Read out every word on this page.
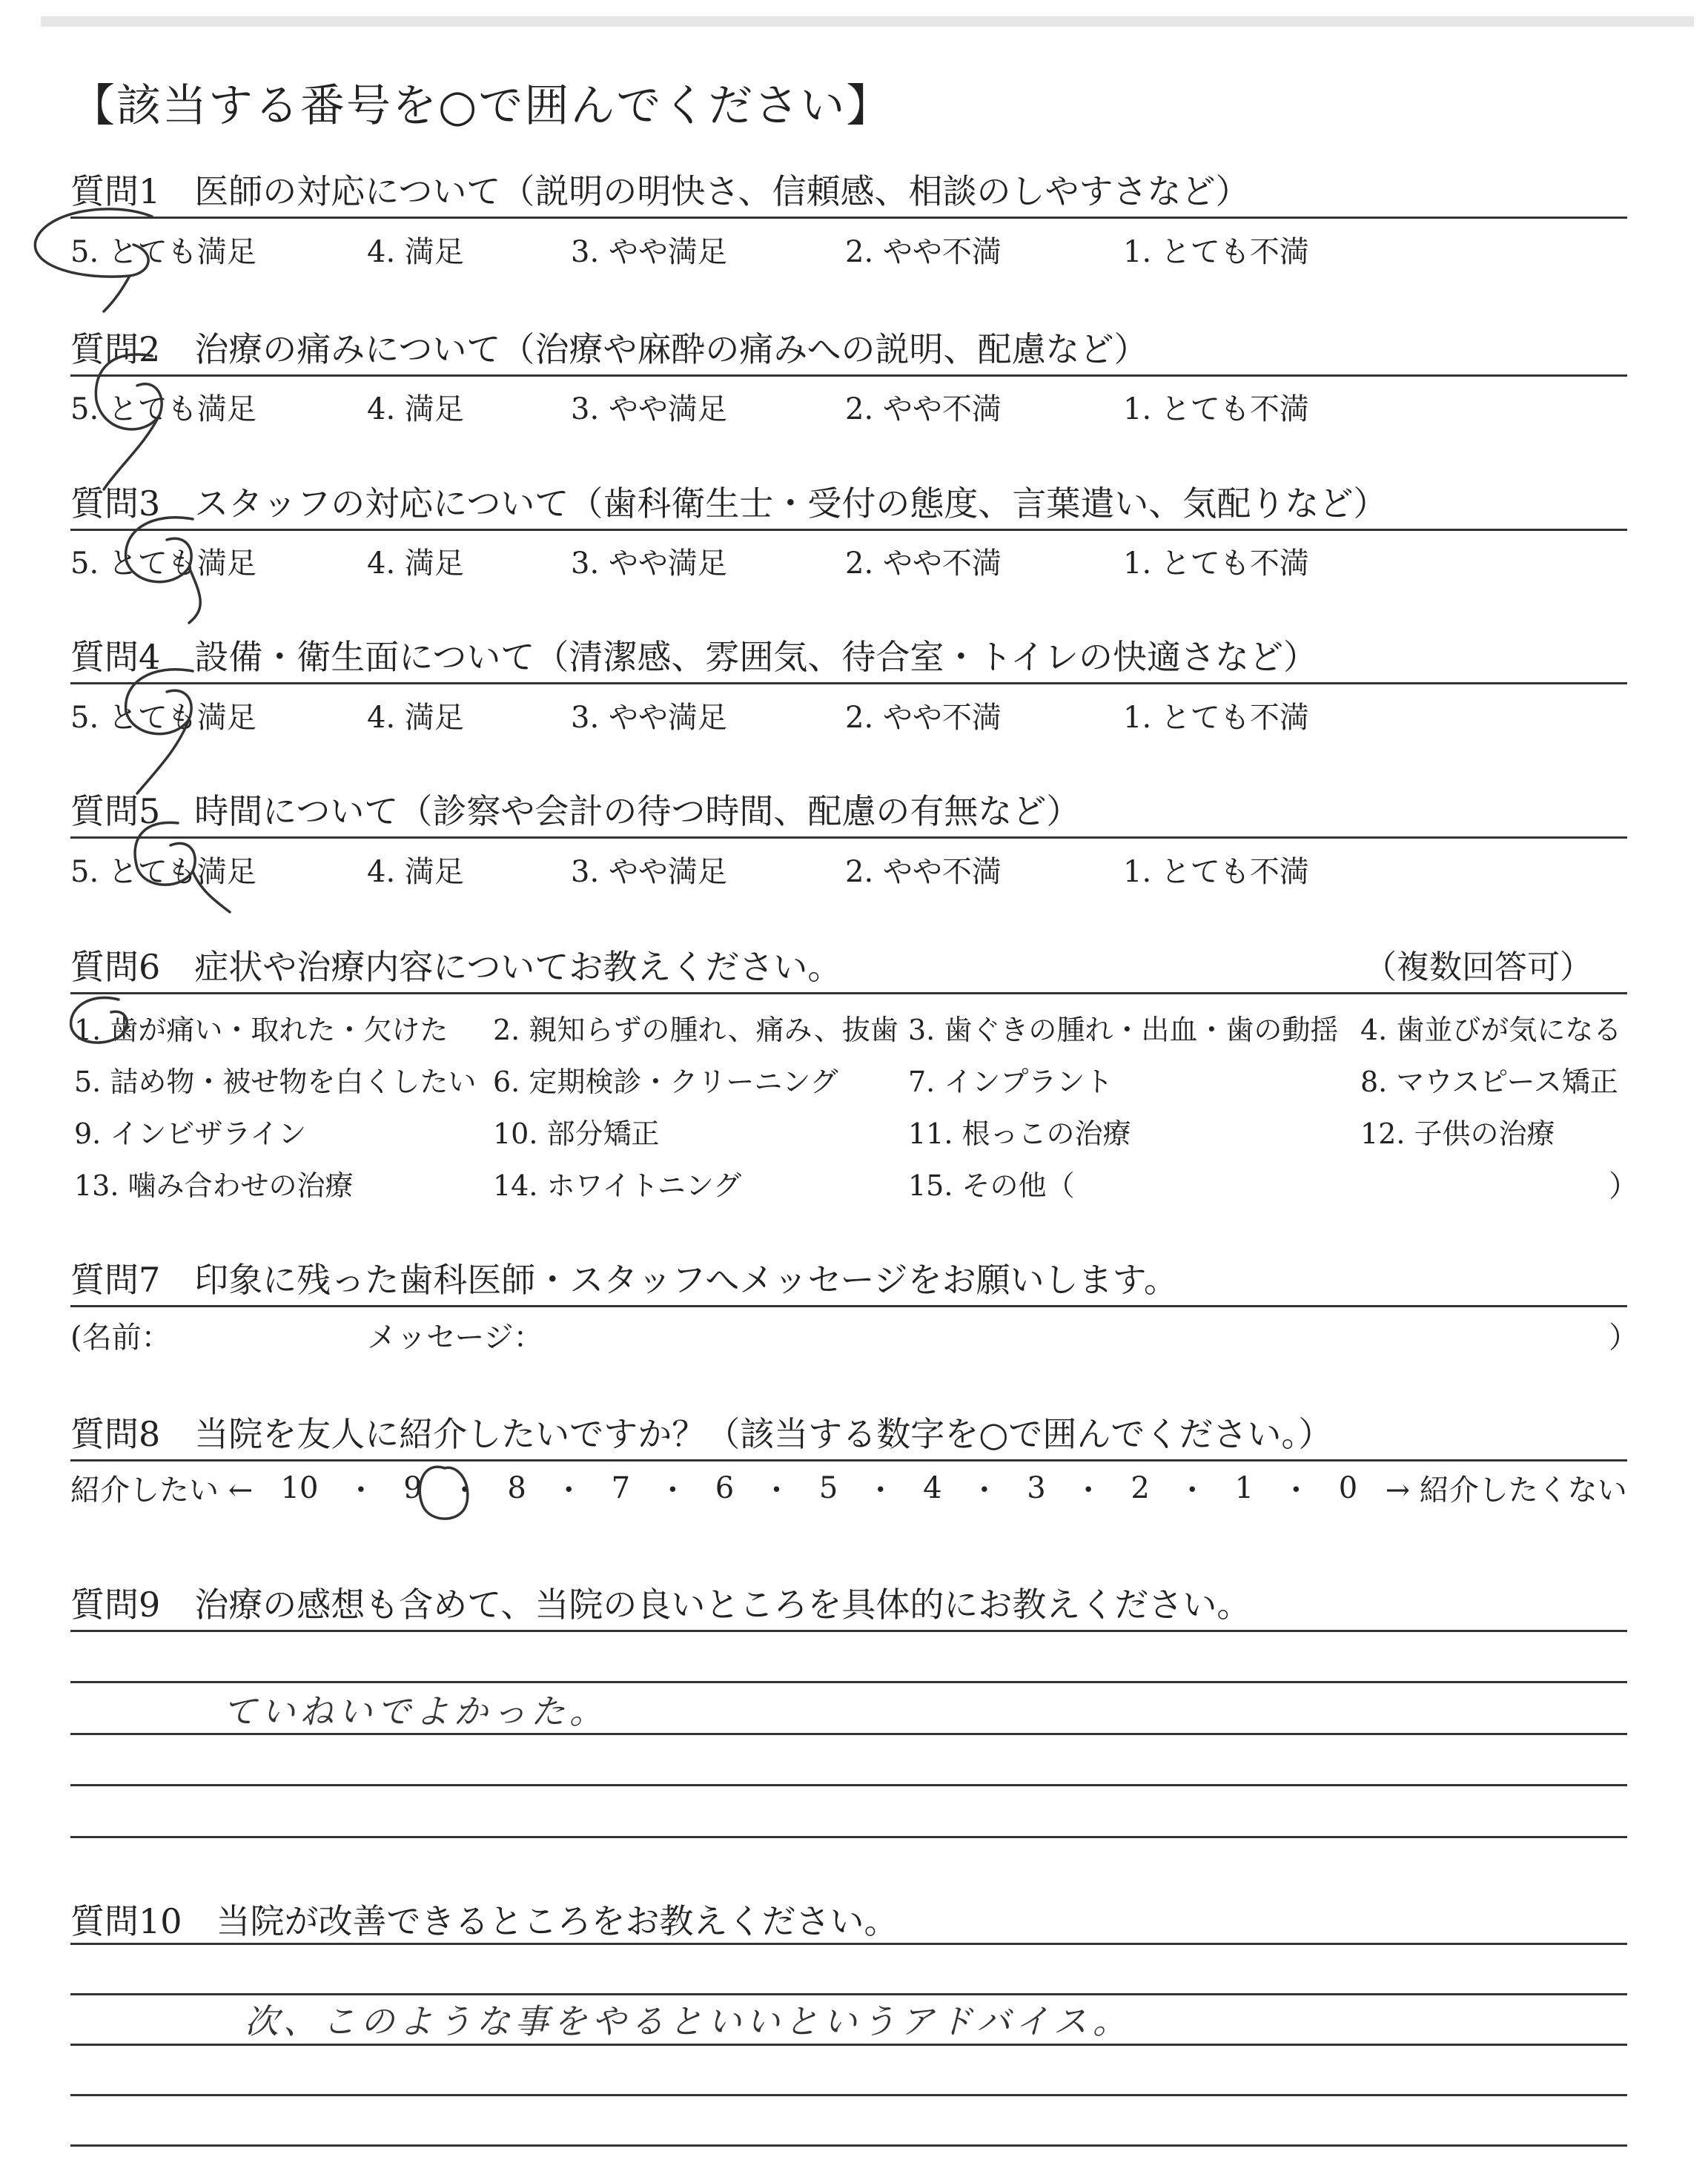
【該当する番号を○で囲んでください】
質問1　 医師の対応について（説明の明快さ、信頼感、相談のしやすさなど）
5. とても満足	4. 満足	3. やや満足	2. やや不満	1. とても不満
質問2　 治療の痛みについて（治療や麻酔の痛みへの説明、配慮など）
5. とても満足	4. 満足	3. やや満足	2. やや不満	1. とても不満
質問3　 スタッフの対応について（歯科衛生士・受付の態度、言葉遣い、気配りなど）
5. とても満足	4. 満足	3. やや満足	2. やや不満	1. とても不満
質問4　 設備・衛生面について（清潔感、雰囲気、待合室・トイレの快適さなど）
5. とても満足	4. 満足	3. やや満足	2. やや不満	1. とても不満
質問5　 時間について（診察や会計の待つ時間、配慮の有無など）
5. とても満足	4. 満足	3. やや満足	2. やや不満	1. とても不満
質問6　 症状や治療内容についてお教えください。	（複数回答可）
1. 歯が痛い・取れた・欠けた 2. 親知らずの腫れ、痛み、抜歯 3. 歯ぐきの腫れ・出血・歯の動揺 4. 歯並びが気になる
5. 詰め物・被せ物を白くしたい 6. 定期検診・クリーニング 7. インプラント	8. マウスピース矯正
9. インビザライン	10. 部分矯正	11. 根っこの治療	12. 子供の治療
13. 噛み合わせの治療	14. ホワイトニング	15. その他（	）
質問7　 印象に残った歯科医師・スタッフへメッセージをお願いします。
(名前：	メッセージ：	）
質問8　 当院を友人に紹介したいですか？（該当する数字を○で囲んでください。）
紹介したい ← 10 ・ 9 ・ 8 ・ 7 ・ 6 ・ 5 ・ 4 ・ 3 ・ 2 ・ 1 ・ 0 → 紹介したくない
質問9　 治療の感想も含めて、当院の良いところを具体的にお教えください。
ていねいでよかった。
質問10　 当院が改善できるところをお教えください。
次、このような事をやるといいというアドバイス。
